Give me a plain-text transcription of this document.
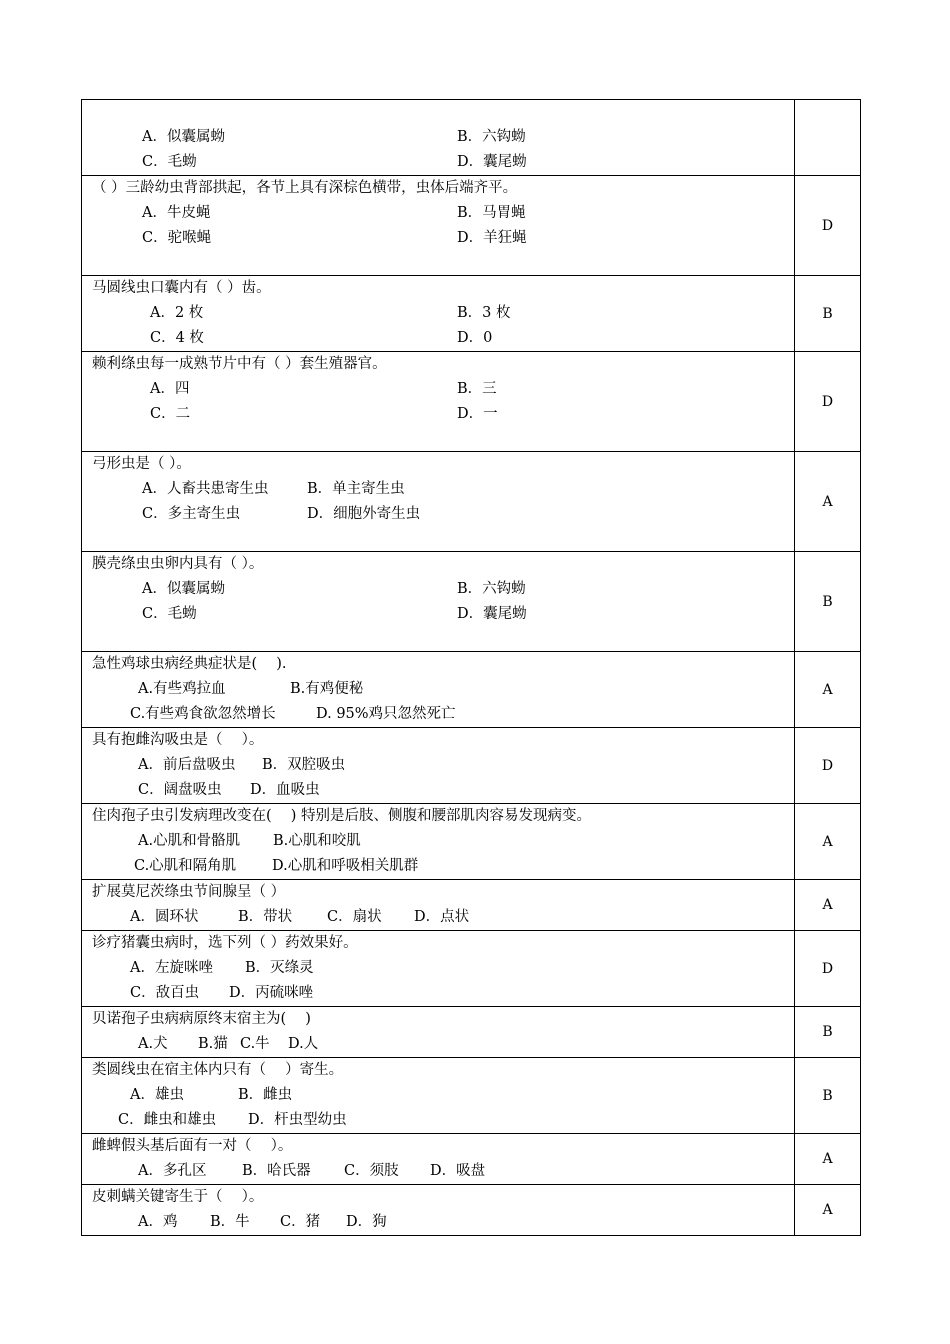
A．似囊属蚴 B．六钩蚴
C．毛蚴 D．囊尾蚴	

（ ）三龄幼虫背部拱起，各节上具有深棕色横带，虫体后端齐平。
A．牛皮蝇 B．马胃蝇
C．驼喉蝇 D．羊狂蝇	D

马圆线虫口囊内有（ ）齿。
A．2 枚 B．3 枚
C．4 枚 D．0	B

赖利绦虫每一成熟节片中有（ ）套生殖器官。
A．四 B．三
C．二 D．一	D

弓形虫是（ ）。
A．人畜共患寄生虫 B．单主寄生虫
C．多主寄生虫 D．细胞外寄生虫	A

膜壳绦虫虫卵内具有（ ）。
A．似囊属蚴 B．六钩蚴
C．毛蚴 D．囊尾蚴	B

急性鸡球虫病经典症状是(　 ).
A.有些鸡拉血 B.有鸡便秘
C.有些鸡食欲忽然增长 D. 95%鸡只忽然死亡	A

具有抱雌沟吸虫是（　 ）。
A．前后盘吸虫 B．双腔吸虫
C．阔盘吸虫 D．血吸虫	D

住肉孢子虫引发病理改变在(　 ) 特别是后肢、侧腹和腰部肌肉容易发现病变。
A.心肌和骨骼肌 B.心肌和咬肌
C.心肌和隔角肌 D.心肌和呼吸相关肌群	A

扩展莫尼茨绦虫节间腺呈（ ）
A．圆环状 B．带状 C．扇状 D．点状	A

诊疗猪囊虫病时，选下列（ ）药效果好。
A．左旋咪唑 B．灭绦灵
C．敌百虫 D．丙硫咪唑	D

贝诺孢子虫病病原终末宿主为(　 )
A.犬 B.猫 C.牛 D.人	B

类圆线虫在宿主体内只有（　 ）寄生。
A．雄虫 B．雌虫
C．雌虫和雄虫 D．杆虫型幼虫	B

雌蜱假头基后面有一对（　 ）。
A．多孔区 B．哈氏器 C．须肢 D．吸盘	A

皮刺螨关键寄生于（　 ）。
A．鸡 B．牛 C．猪 D．狗	A
